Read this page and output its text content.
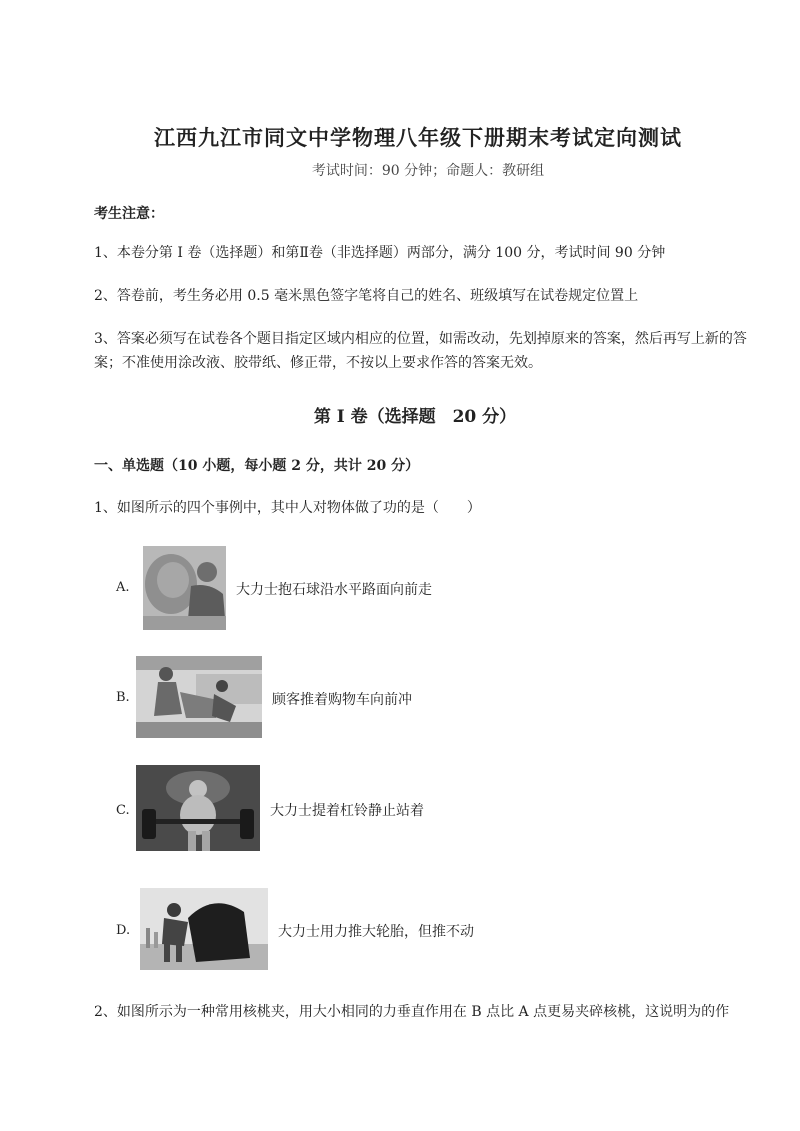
江西九江市同文中学物理八年级下册期末考试定向测试
考试时间：90 分钟；命题人：教研组
考生注意：
1、本卷分第 I 卷（选择题）和第Ⅱ卷（非选择题）两部分，满分 100 分，考试时间 90 分钟
2、答卷前，考生务必用 0.5 毫米黑色签字笔将自己的姓名、班级填写在试卷规定位置上
3、答案必须写在试卷各个题目指定区域内相应的位置，如需改动，先划掉原来的答案，然后再写上新的答案；不准使用涂改液、胶带纸、修正带，不按以上要求作答的答案无效。
第 I 卷（选择题　20 分）
一、单选题（10 小题，每小题 2 分，共计 20 分）
1、如图所示的四个事例中，其中人对物体做了功的是（　　）
A.	大力士抱石球沿水平路面向前走
B.	顾客推着购物车向前冲
C.	大力士提着杠铃静止站着
D.	大力士用力推大轮胎，但推不动
2、如图所示为一种常用核桃夹，用大小相同的力垂直作用在 B 点比 A 点更易夹碎核桃，这说明为的作
